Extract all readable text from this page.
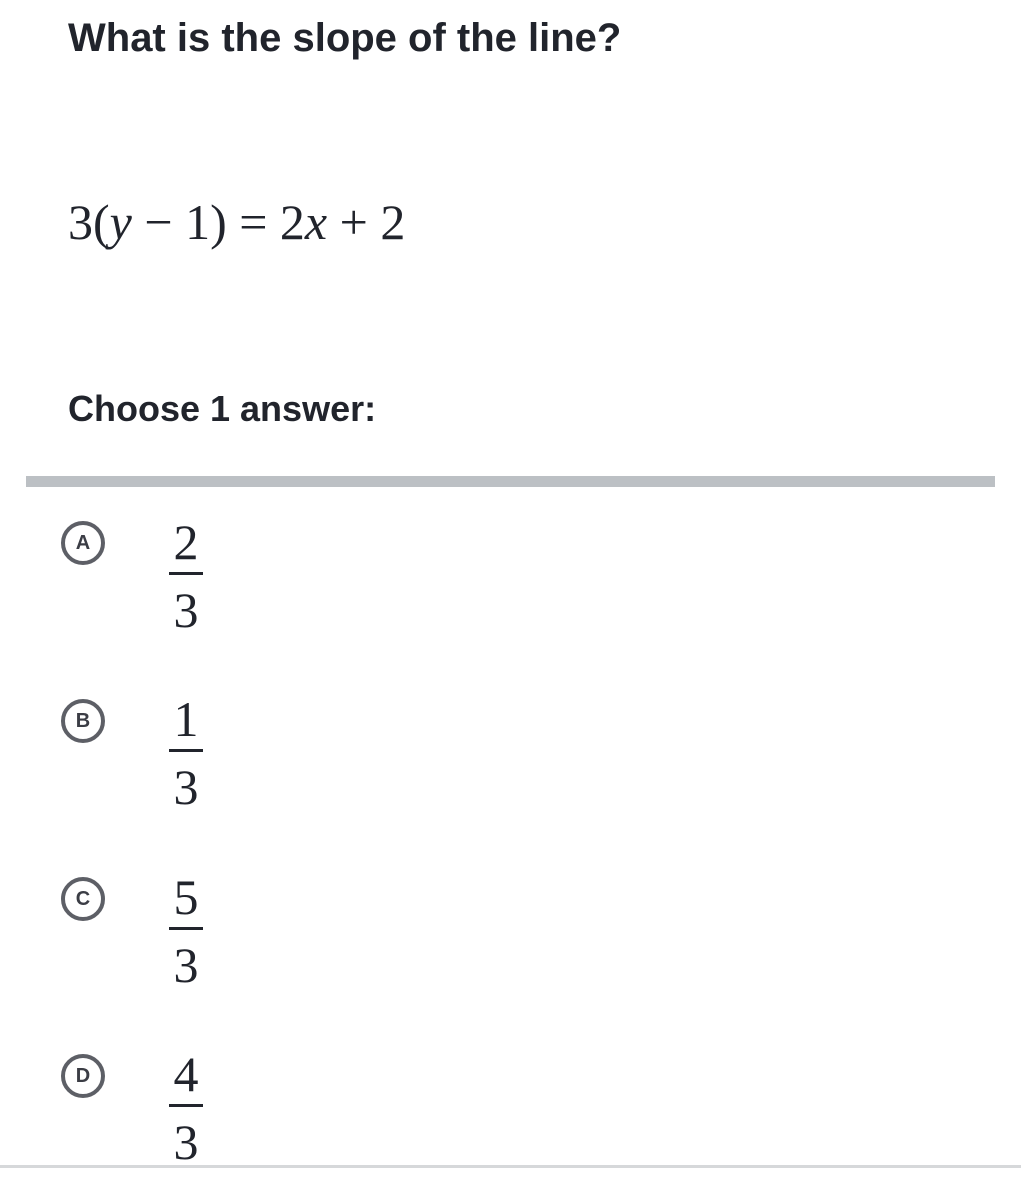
What is the slope of the line?
3(y − 1) = 2x + 2
Choose 1 answer:
A 2
3
B 1
3
C 5
3
D 4
3
